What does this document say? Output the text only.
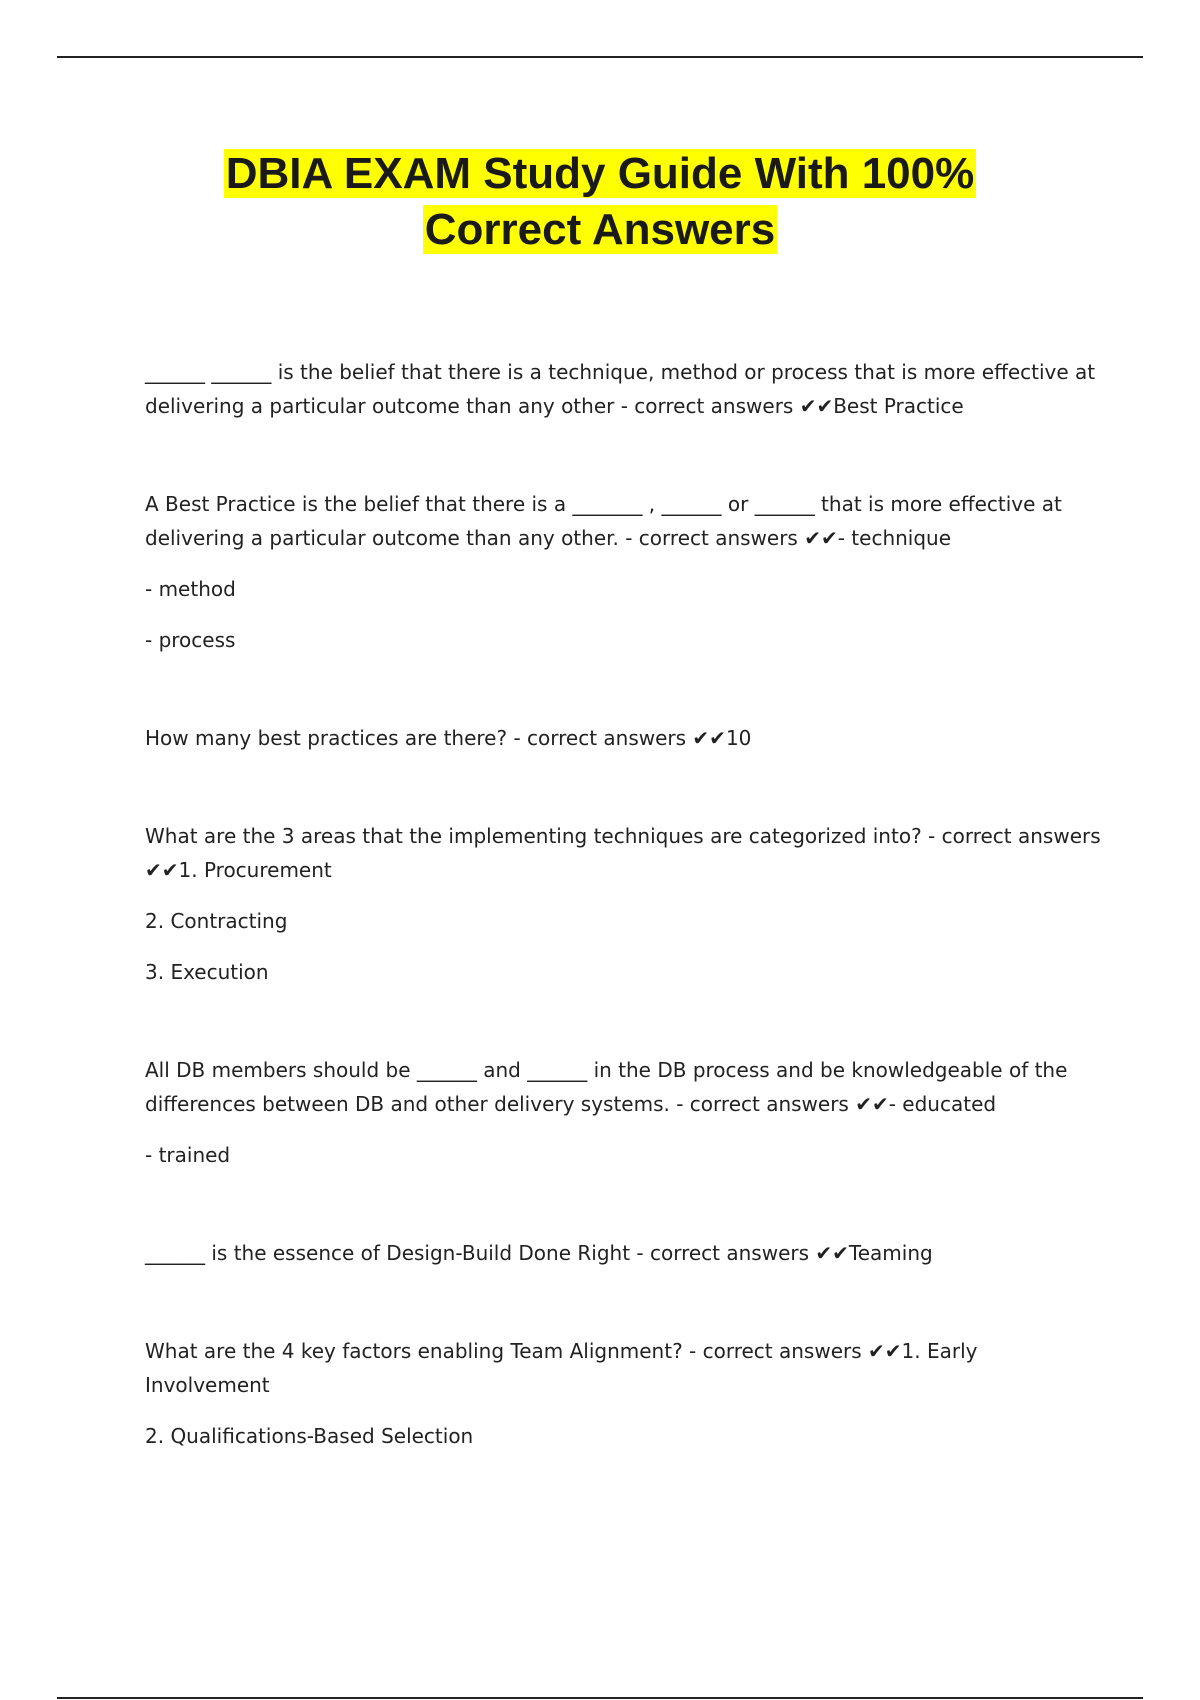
DBIA EXAM Study Guide With 100%
Correct Answers

______ ______ is the belief that there is a technique, method or process that is more effective at delivering a particular outcome than any other - correct answers ✔✔Best Practice

A Best Practice is the belief that there is a _______ , ______ or ______ that is more effective at delivering a particular outcome than any other. - correct answers ✔✔- technique

- method

- process

How many best practices are there? - correct answers ✔✔10

What are the 3 areas that the implementing techniques are categorized into? - correct answers ✔✔1. Procurement

2. Contracting

3. Execution

All DB members should be ______ and ______ in the DB process and be knowledgeable of the differences between DB and other delivery systems. - correct answers ✔✔- educated

- trained

______ is the essence of Design-Build Done Right - correct answers ✔✔Teaming

What are the 4 key factors enabling Team Alignment? - correct answers ✔✔1. Early Involvement

2. Qualifications-Based Selection
